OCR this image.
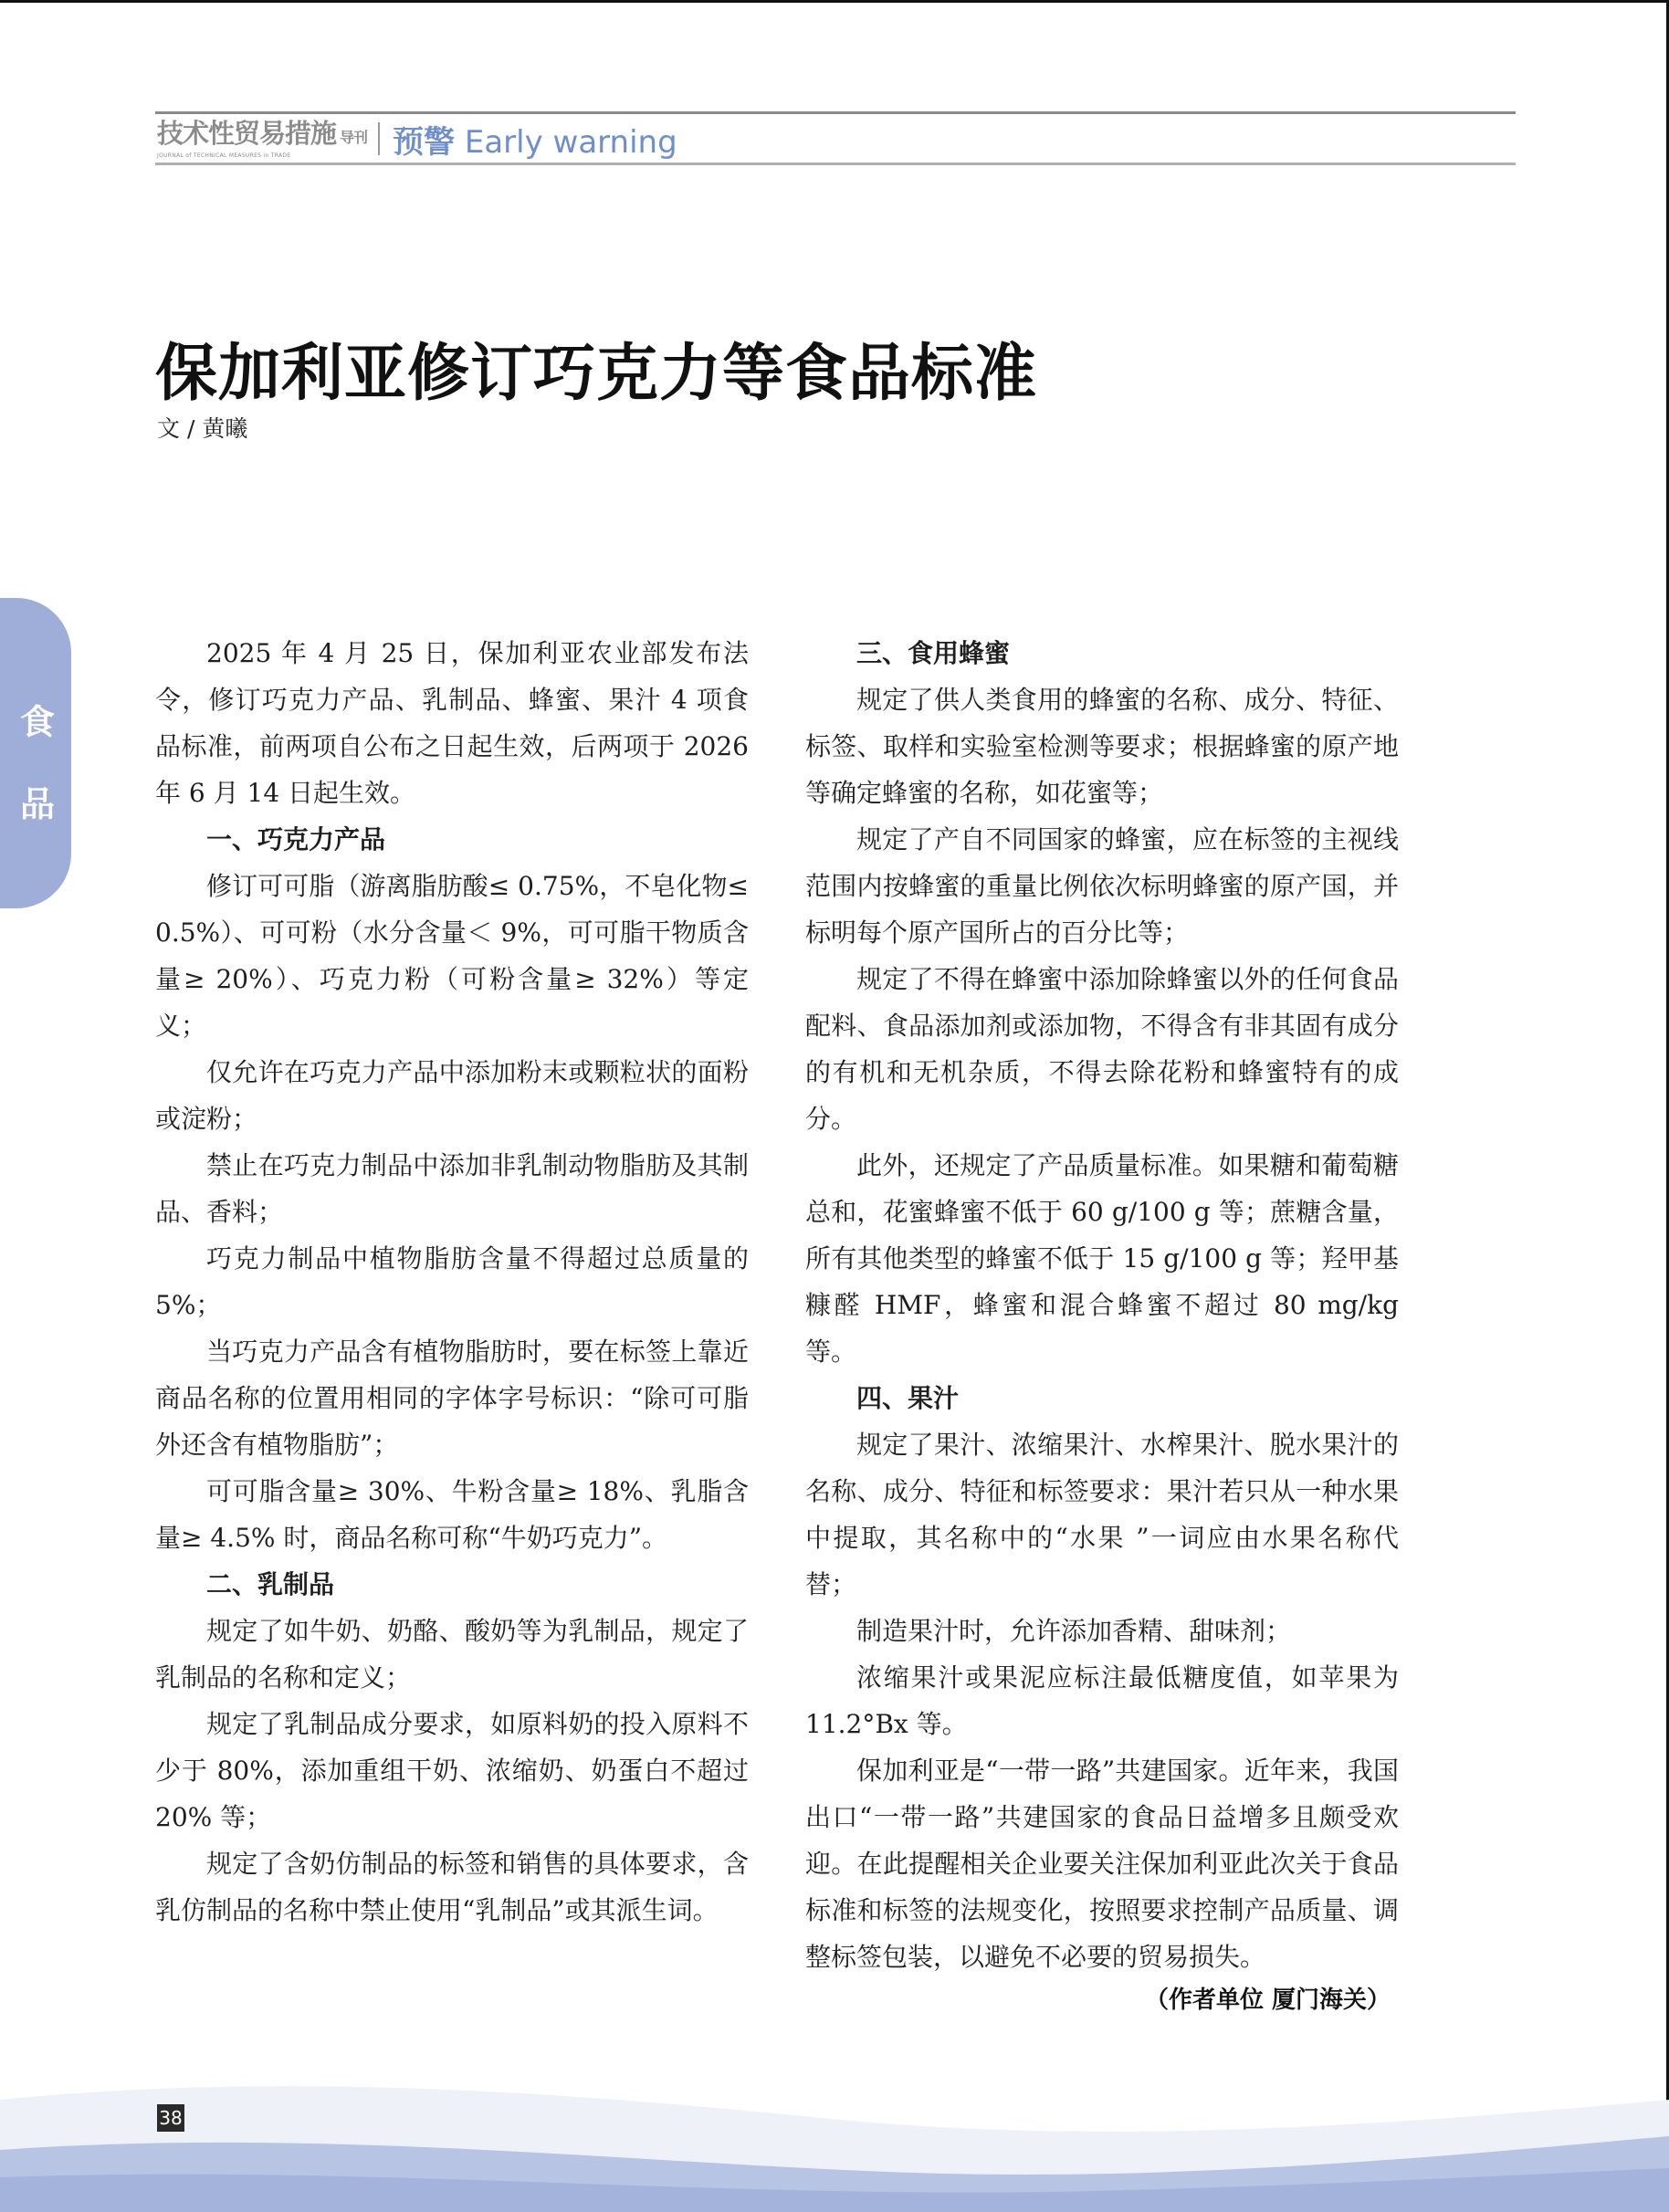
技术性贸易措施 导刊
JOURNAL of TECHNICAL MEASURES in TRADE	预警 Early warning
食
品
保加利亚修订巧克力等食品标准
文 / 黄曦

2025 年 4 月 25 日，保加利亚农业部发布法令，修订巧克力产品、乳制品、蜂蜜、果汁 4 项食品标准，前两项自公布之日起生效，后两项于 2026 年 6 月 14 日起生效。

一、巧克力产品

修订可可脂（游离脂肪酸≤ 0.75%，不皂化物≤ 0.5%）、可可粉（水分含量＜ 9%，可可脂干物质含量≥ 20%）、巧克力粉（可粉含量≥ 32%）等定义；

仅允许在巧克力产品中添加粉末或颗粒状的面粉或淀粉；

禁止在巧克力制品中添加非乳制动物脂肪及其制品、香料；

巧克力制品中植物脂肪含量不得超过总质量的 5%；

当巧克力产品含有植物脂肪时，要在标签上靠近商品名称的位置用相同的字体字号标识：“除可可脂外还含有植物脂肪”；

可可脂含量≥ 30%、牛粉含量≥ 18%、乳脂含量≥ 4.5% 时，商品名称可称“牛奶巧克力”。

二、乳制品

规定了如牛奶、奶酪、酸奶等为乳制品，规定了乳制品的名称和定义；

规定了乳制品成分要求，如原料奶的投入原料不少于 80%，添加重组干奶、浓缩奶、奶蛋白不超过 20% 等；

规定了含奶仿制品的标签和销售的具体要求，含乳仿制品的名称中禁止使用“乳制品”或其派生词。

三、食用蜂蜜

规定了供人类食用的蜂蜜的名称、成分、特征、标签、取样和实验室检测等要求；根据蜂蜜的原产地等确定蜂蜜的名称，如花蜜等；

规定了产自不同国家的蜂蜜，应在标签的主视线范围内按蜂蜜的重量比例依次标明蜂蜜的原产国，并标明每个原产国所占的百分比等；

规定了不得在蜂蜜中添加除蜂蜜以外的任何食品配料、食品添加剂或添加物，不得含有非其固有成分的有机和无机杂质，不得去除花粉和蜂蜜特有的成分。

此外，还规定了产品质量标准。如果糖和葡萄糖总和，花蜜蜂蜜不低于 60 g/100 g 等；蔗糖含量，所有其他类型的蜂蜜不低于 15 g/100 g 等；羟甲基糠醛 HMF，蜂蜜和混合蜂蜜不超过 80 mg/kg 等。

四、果汁

规定了果汁、浓缩果汁、水榨果汁、脱水果汁的名称、成分、特征和标签要求：果汁若只从一种水果中提取，其名称中的“水果 ”一词应由水果名称代替；

制造果汁时，允许添加香精、甜味剂；

浓缩果汁或果泥应标注最低糖度值，如苹果为 11.2°Bx 等。

保加利亚是“一带一路”共建国家。近年来，我国出口“一带一路”共建国家的食品日益增多且颇受欢迎。在此提醒相关企业要关注保加利亚此次关于食品标准和标签的法规变化，按照要求控制产品质量、调整标签包装，以避免不必要的贸易损失。

（作者单位 厦门海关）
38
